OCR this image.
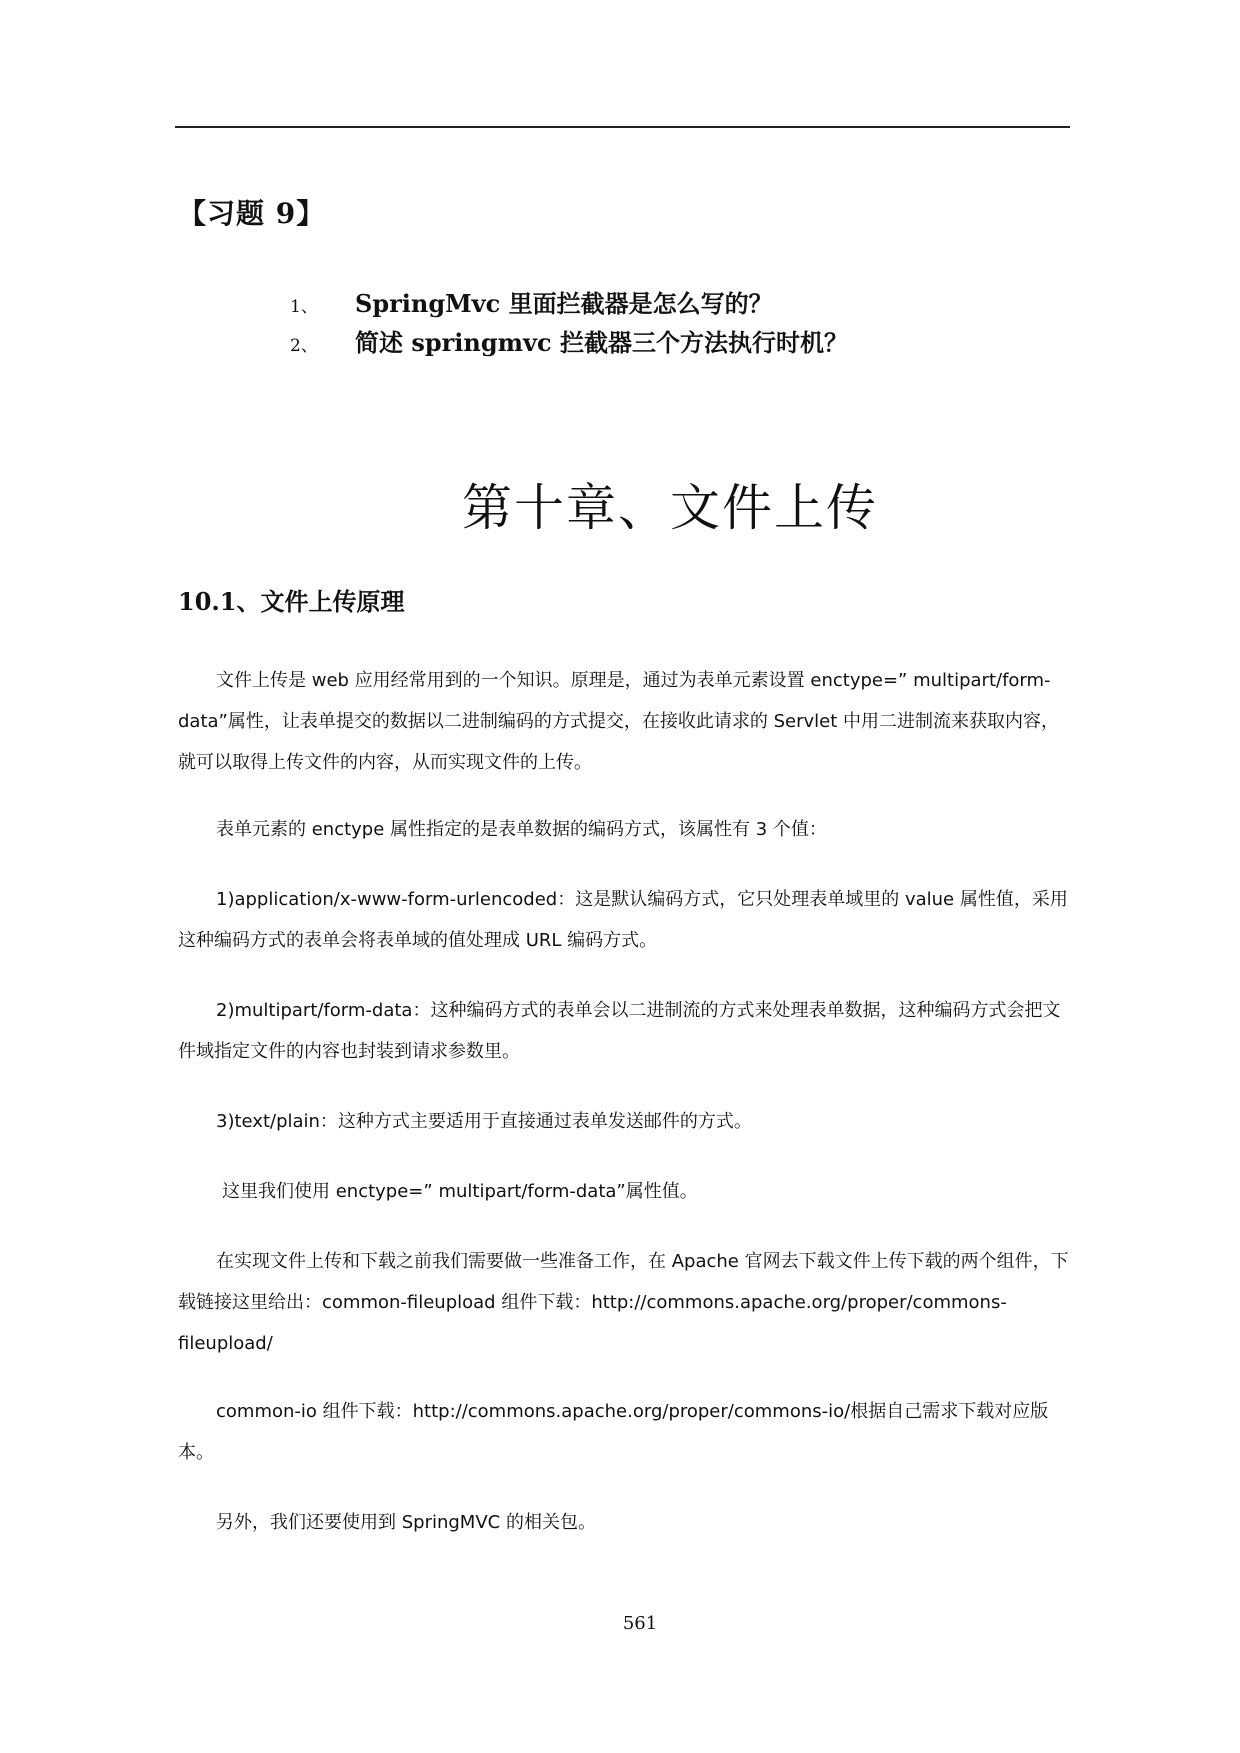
【习题 9】
1、 SpringMvc 里面拦截器是怎么写的？
2、 简述 springmvc 拦截器三个方法执行时机？
第十章、文件上传
10.1、文件上传原理
文件上传是 web 应用经常用到的一个知识。原理是，通过为表单元素设置 enctype=” multipart/form-data”属性，让表单提交的数据以二进制编码的方式提交，在接收此请求的 Servlet 中用二进制流来获取内容，就可以取得上传文件的内容，从而实现文件的上传。
表单元素的 enctype 属性指定的是表单数据的编码方式，该属性有 3 个值：
1)application/x-www-form-urlencoded：这是默认编码方式，它只处理表单域里的 value 属性值，采用这种编码方式的表单会将表单域的值处理成 URL 编码方式。
2)multipart/form-data：这种编码方式的表单会以二进制流的方式来处理表单数据，这种编码方式会把文件域指定文件的内容也封装到请求参数里。
3)text/plain：这种方式主要适用于直接通过表单发送邮件的方式。
这里我们使用 enctype=” multipart/form-data”属性值。
在实现文件上传和下载之前我们需要做一些准备工作，在 Apache 官网去下载文件上传下载的两个组件，下载链接这里给出：common-fileupload 组件下载：http://commons.apache.org/proper/commons-fileupload/
common-io 组件下载：http://commons.apache.org/proper/commons-io/根据自己需求下载对应版本。
另外，我们还要使用到 SpringMVC 的相关包。
561
